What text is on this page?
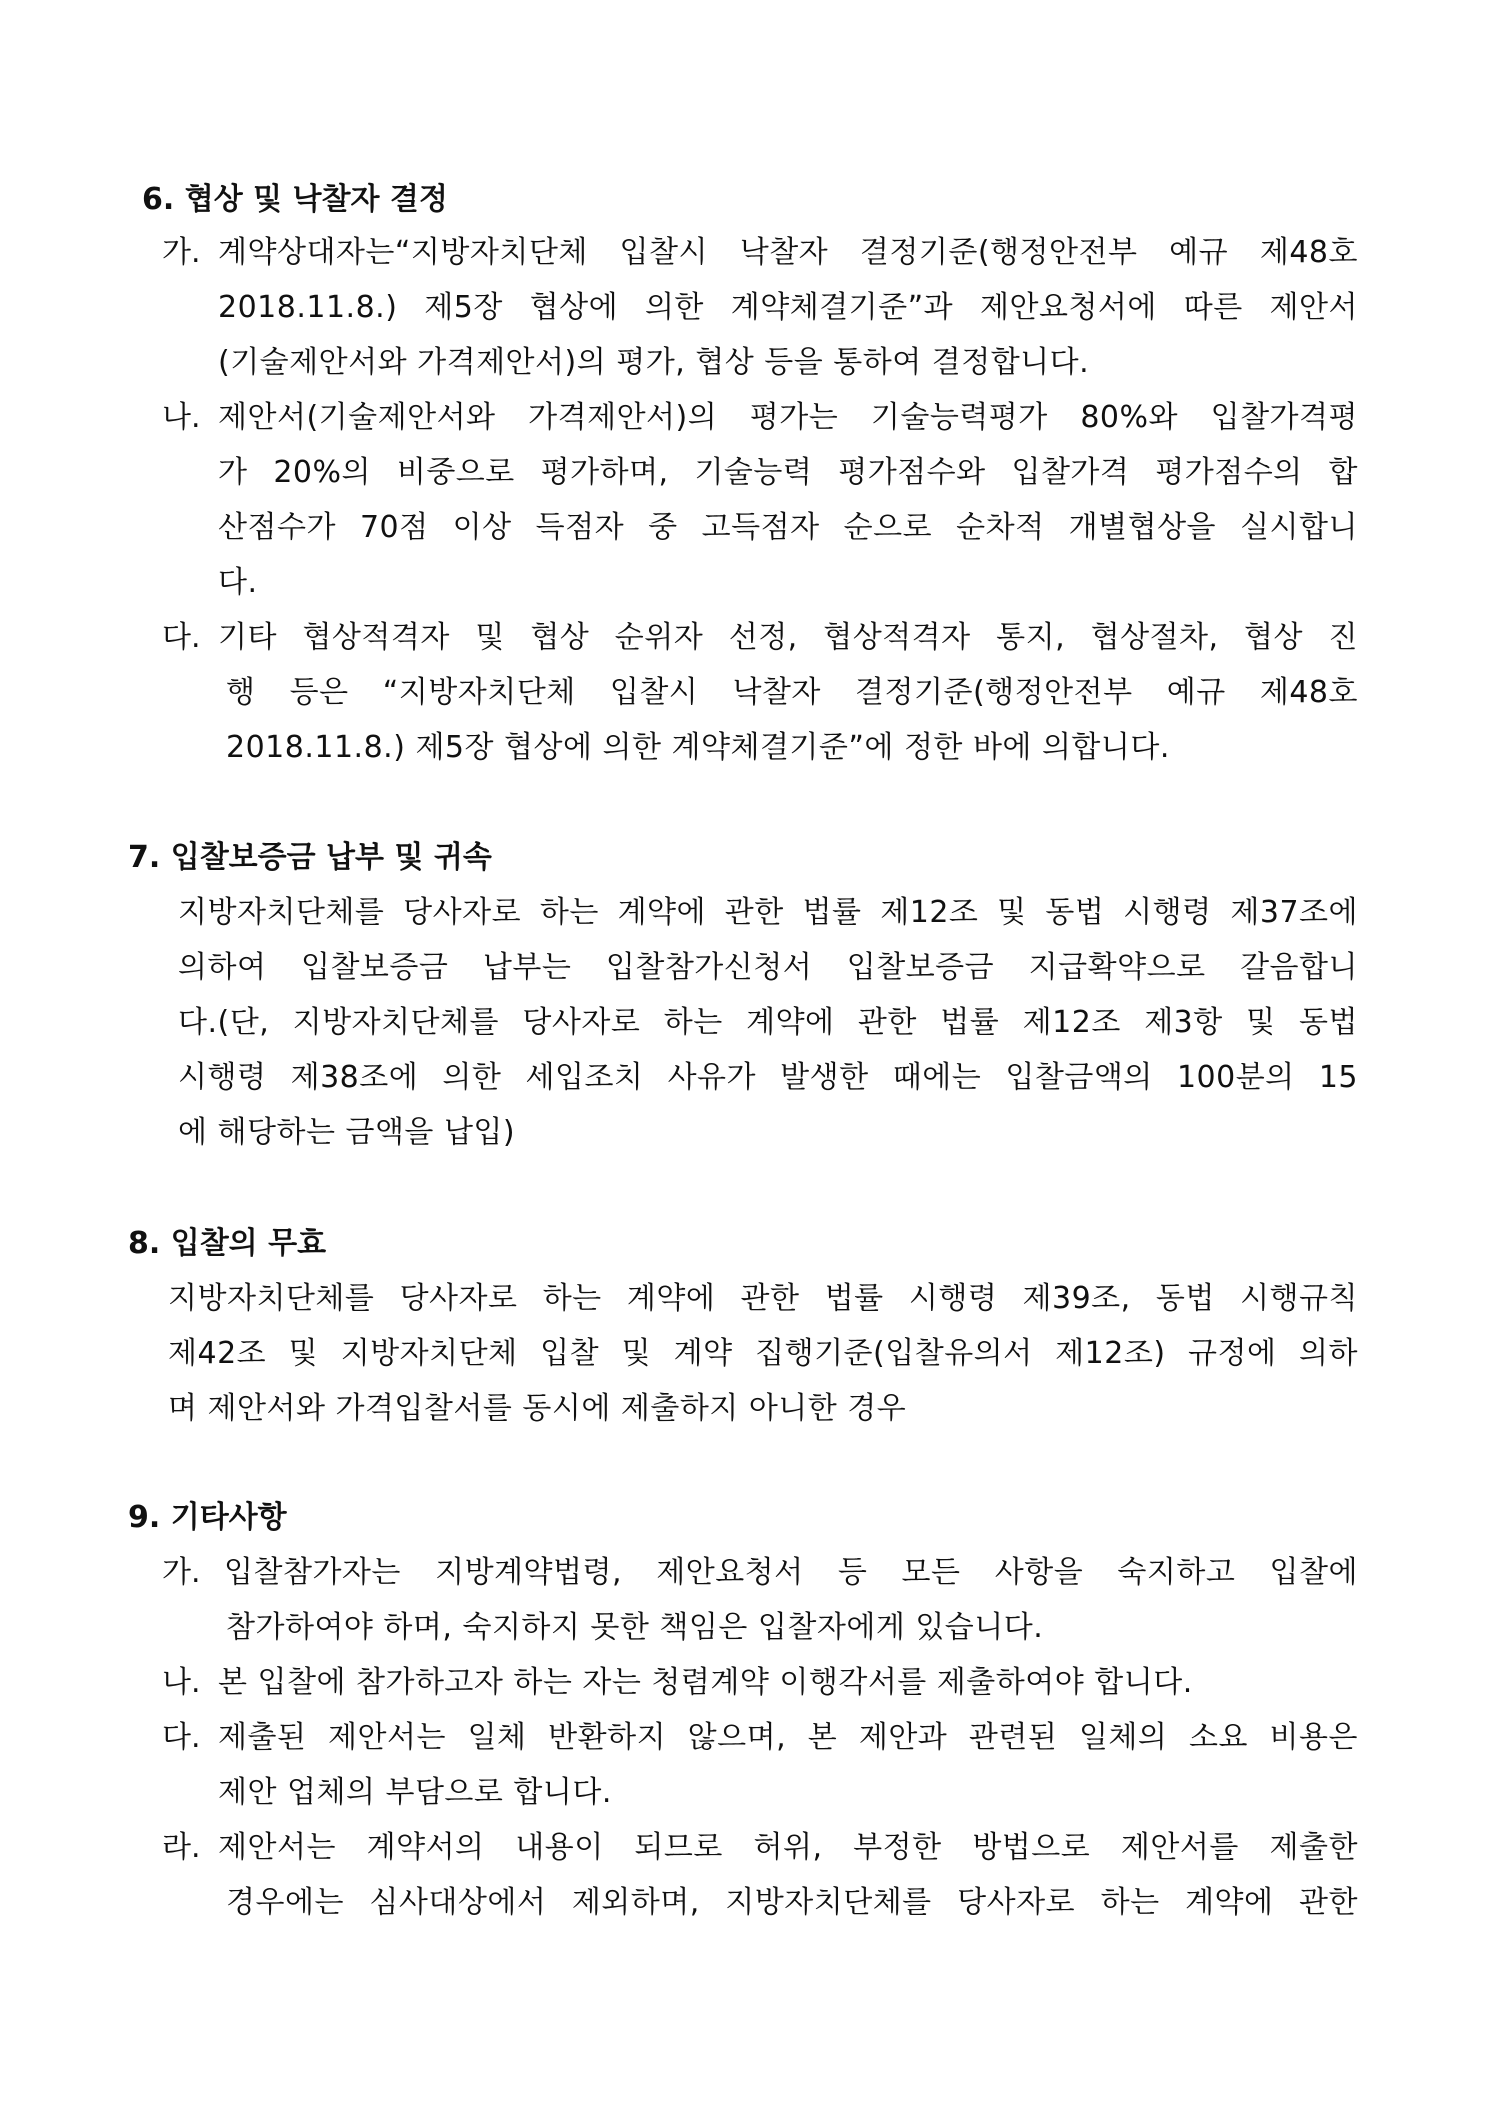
6. 협상 및 낙찰자 결정
가. 계약상대자는“지방자치단체 입찰시 낙찰자 결정기준(행정안전부 예규 제48호
2018.11.8.) 제5장 협상에 의한 계약체결기준”과 제안요청서에 따른 제안서
(기술제안서와 가격제안서)의 평가, 협상 등을 통하여 결정합니다.
나. 제안서(기술제안서와 가격제안서)의 평가는 기술능력평가 80%와 입찰가격평
가 20%의 비중으로 평가하며, 기술능력 평가점수와 입찰가격 평가점수의 합
산점수가 70점 이상 득점자 중 고득점자 순으로 순차적 개별협상을 실시합니
다.
다. 기타 협상적격자 및 협상 순위자 선정, 협상적격자 통지, 협상절차, 협상 진
행 등은 “지방자치단체 입찰시 낙찰자 결정기준(행정안전부 예규 제48호
2018.11.8.) 제5장 협상에 의한 계약체결기준”에 정한 바에 의합니다.
7. 입찰보증금 납부 및 귀속
지방자치단체를 당사자로 하는 계약에 관한 법률 제12조 및 동법 시행령 제37조에
의하여 입찰보증금 납부는 입찰참가신청서 입찰보증금 지급확약으로 갈음합니
다.(단, 지방자치단체를 당사자로 하는 계약에 관한 법률 제12조 제3항 및 동법
시행령 제38조에 의한 세입조치 사유가 발생한 때에는 입찰금액의 100분의 15
에 해당하는 금액을 납입)
8. 입찰의 무효
지방자치단체를 당사자로 하는 계약에 관한 법률 시행령 제39조, 동법 시행규칙
제42조 및 지방자치단체 입찰 및 계약 집행기준(입찰유의서 제12조) 규정에 의하
며 제안서와 가격입찰서를 동시에 제출하지 아니한 경우
9. 기타사항
가. 입찰참가자는 지방계약법령, 제안요청서 등 모든 사항을 숙지하고 입찰에
참가하여야 하며, 숙지하지 못한 책임은 입찰자에게 있습니다.
나. 본 입찰에 참가하고자 하는 자는 청렴계약 이행각서를 제출하여야 합니다.
다. 제출된 제안서는 일체 반환하지 않으며, 본 제안과 관련된 일체의 소요 비용은
제안 업체의 부담으로 합니다.
라. 제안서는 계약서의 내용이 되므로 허위, 부정한 방법으로 제안서를 제출한
경우에는 심사대상에서 제외하며, 지방자치단체를 당사자로 하는 계약에 관한
